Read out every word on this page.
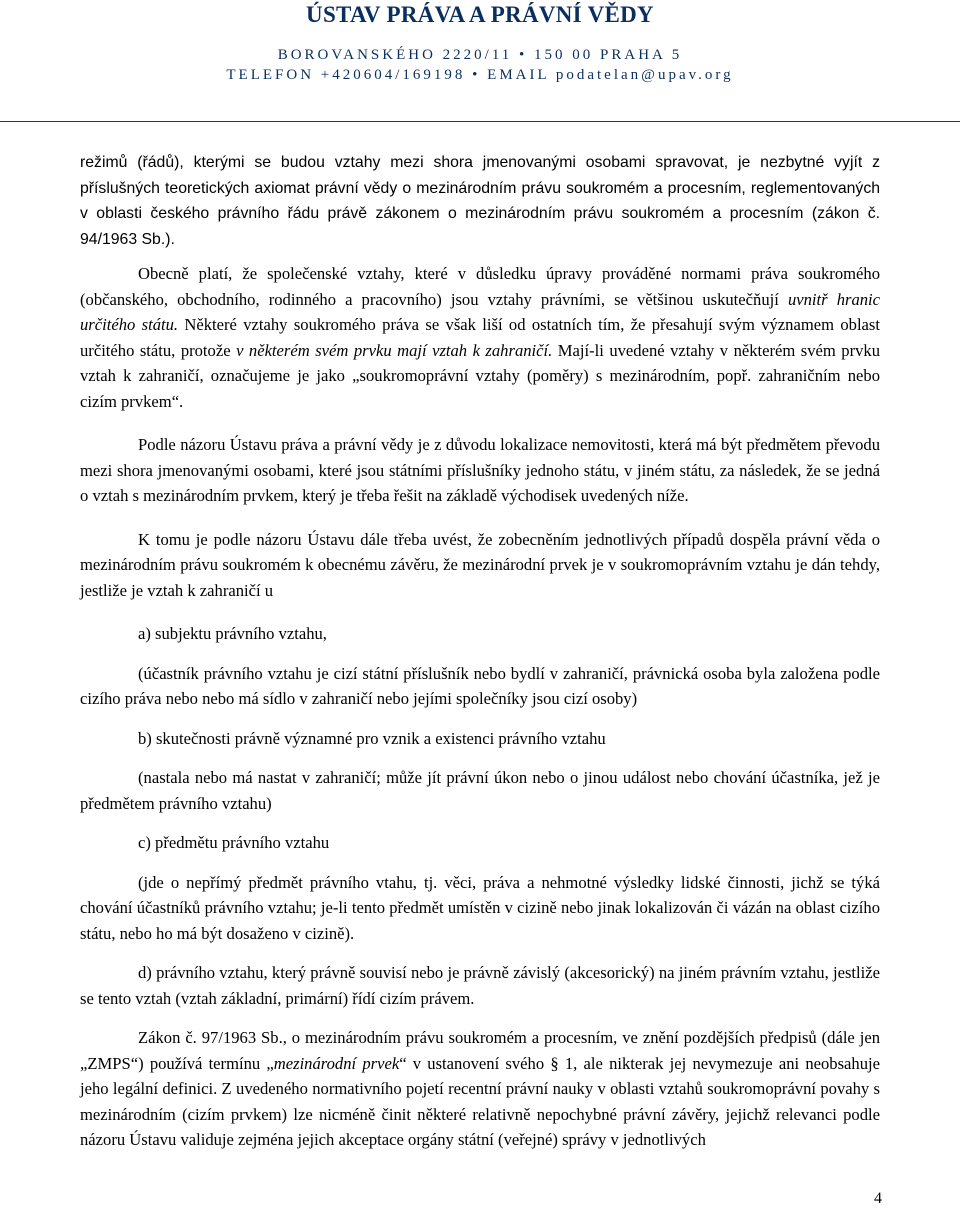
ÚSTAV PRÁVA A PRÁVNÍ VĚDY
BOROVANSKÉHO 2220/11 • 150 00 PRAHA 5
TELEFON +420604/169198 • EMAIL podatelan@upav.org

režimů (řádů), kterými se budou vztahy mezi shora jmenovanými osobami spravovat, je nezbytné vyjít z příslušných teoretických axiomat právní vědy o mezinárodním právu soukromém a procesním, reglementovaných v oblasti českého právního řádu právě zákonem o mezinárodním právu soukromém a procesním (zákon č. 94/1963 Sb.).

Obecně platí, že společenské vztahy, které v důsledku úpravy prováděné normami práva soukromého (občanského, obchodního, rodinného a pracovního) jsou vztahy právními, se většinou uskutečňují uvnitř hranic určitého státu. Některé vztahy soukromého práva se však liší od ostatních tím, že přesahují svým významem oblast určitého státu, protože v některém svém prvku mají vztah k zahraničí. Mají-li uvedené vztahy v některém svém prvku vztah k zahraničí, označujeme je jako „soukromoprávní vztahy (poměry) s mezinárodním, popř. zahraničním nebo cizím prvkem“.

Podle názoru Ústavu práva a právní vědy je z důvodu lokalizace nemovitosti, která má být předmětem převodu mezi shora jmenovanými osobami, které jsou státními příslušníky jednoho státu, v jiném státu, za následek, že se jedná o vztah s mezinárodním prvkem, který je třeba řešit na základě východisek uvedených níže.

K tomu je podle názoru Ústavu dále třeba uvést, že zobecněním jednotlivých případů dospěla právní věda o mezinárodním právu soukromém k obecnému závěru, že mezinárodní prvek je v soukromoprávním vztahu je dán tehdy, jestliže je vztah k zahraničí u

a) subjektu právního vztahu,

(účastník právního vztahu je cizí státní příslušník nebo bydlí v zahraničí, právnická osoba byla založena podle cizího práva nebo nebo má sídlo v zahraničí nebo jejími společníky jsou cizí osoby)

b) skutečnosti právně významné pro vznik a existenci právního vztahu

(nastala nebo má nastat v zahraničí; může jít právní úkon nebo o jinou událost nebo chování účastníka, jež je předmětem právního vztahu)

c) předmětu právního vztahu

(jde o nepřímý předmět právního vtahu, tj. věci, práva a nehmotné výsledky lidské činnosti, jichž se týká chování účastníků právního vztahu; je-li tento předmět umístěn v cizině nebo jinak lokalizován či vázán na oblast cizího státu, nebo ho má být dosaženo v cizině).

d) právního vztahu, který právně souvisí nebo je právně závislý (akcesorický) na jiném právním vztahu, jestliže se tento vztah (vztah základní, primární) řídí cizím právem.

Zákon č. 97/1963 Sb., o mezinárodním právu soukromém a procesním, ve znění pozdějších předpisů (dále jen „ZMPS“) používá termínu „mezinárodní prvek“ v ustanovení svého § 1, ale nikterak jej nevymezuje ani neobsahuje jeho legální definici. Z uvedeného normativního pojetí recentní právní nauky v oblasti vztahů soukromoprávní povahy s mezinárodním (cizím prvkem) lze nicméně činit některé relativně nepochybné právní závěry, jejichž relevanci podle názoru Ústavu validuje zejména jejich akceptace orgány státní (veřejné) správy v jednotlivých

4
